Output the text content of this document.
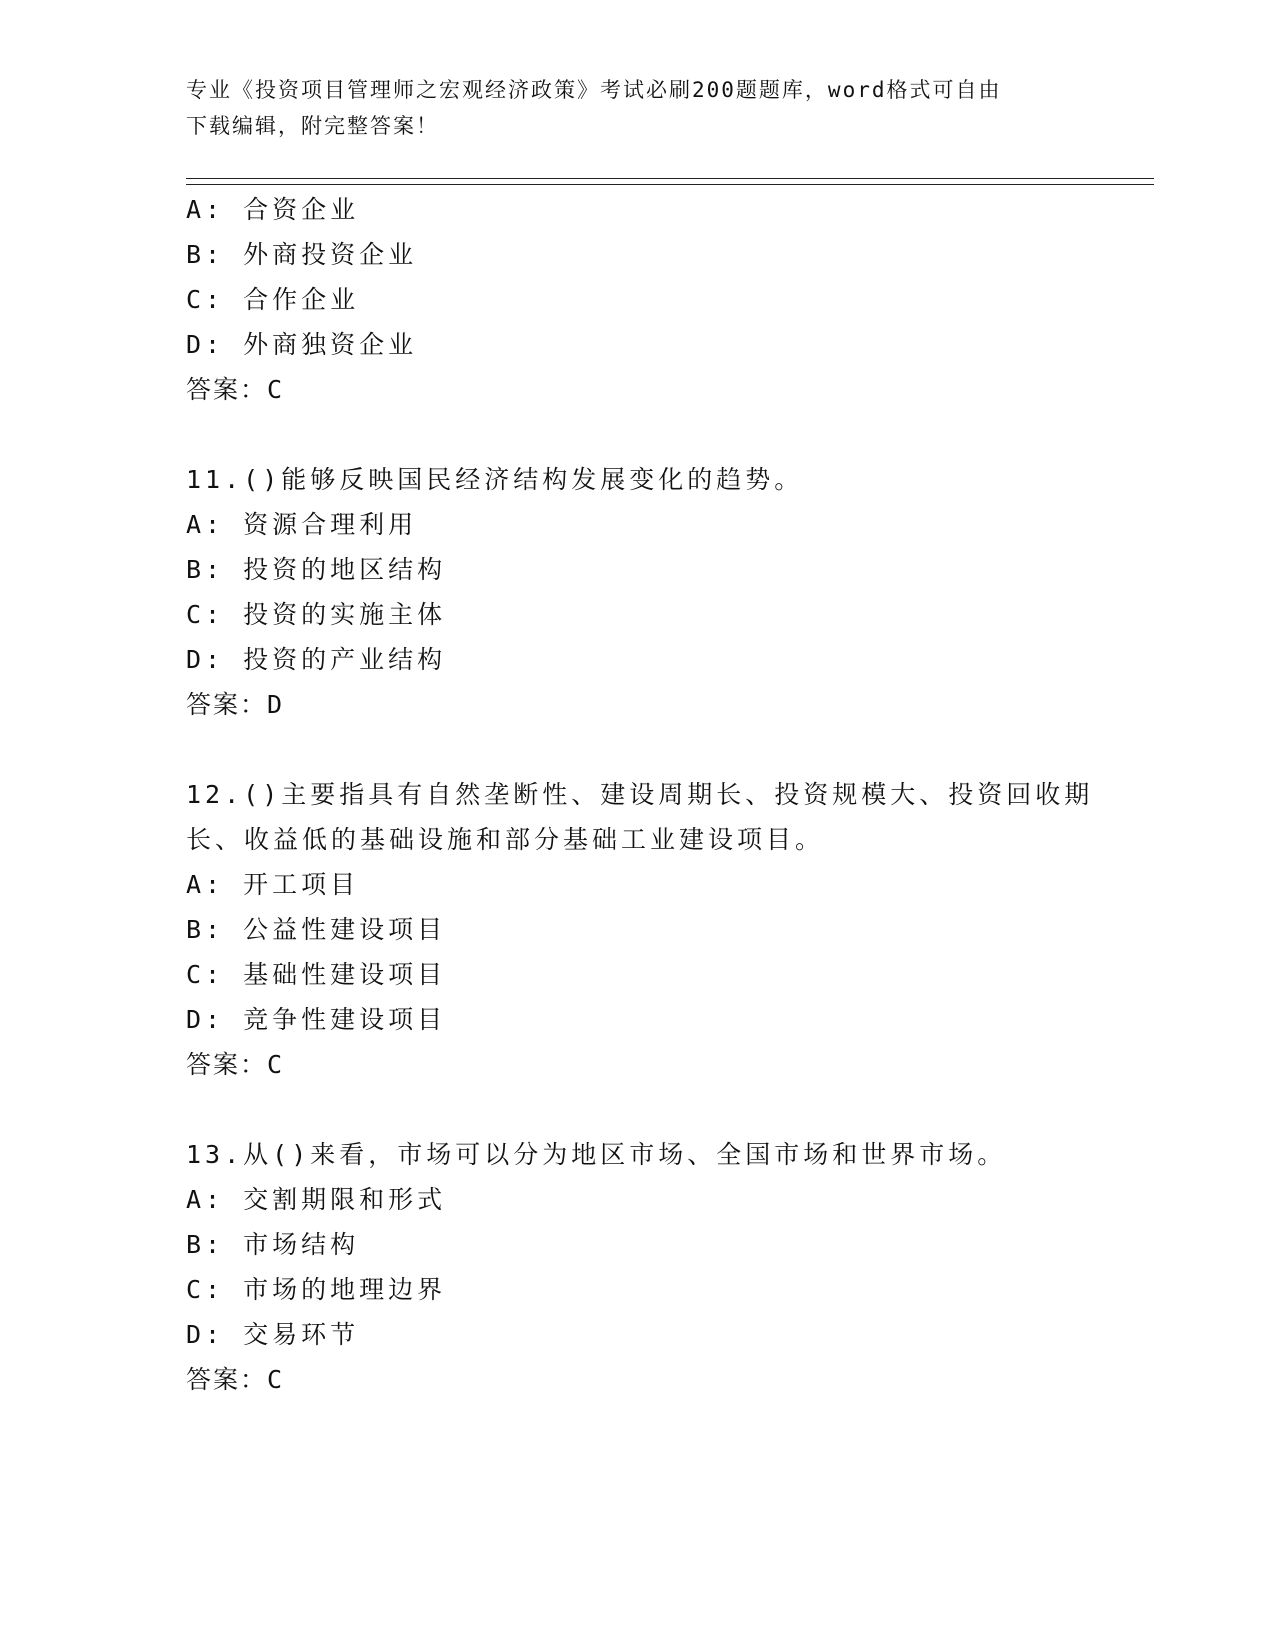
专业《投资项目管理师之宏观经济政策》考试必刷200题题库，word格式可自由
下载编辑，附完整答案！
A: 合资企业
B: 外商投资企业
C: 合作企业
D: 外商独资企业
答案：C
11.()能够反映国民经济结构发展变化的趋势。
A: 资源合理利用
B: 投资的地区结构
C: 投资的实施主体
D: 投资的产业结构
答案：D
12.()主要指具有自然垄断性、建设周期长、投资规模大、投资回收期
长、收益低的基础设施和部分基础工业建设项目。
A: 开工项目
B: 公益性建设项目
C: 基础性建设项目
D: 竞争性建设项目
答案：C
13.从()来看，市场可以分为地区市场、全国市场和世界市场。
A: 交割期限和形式
B: 市场结构
C: 市场的地理边界
D: 交易环节
答案：C
